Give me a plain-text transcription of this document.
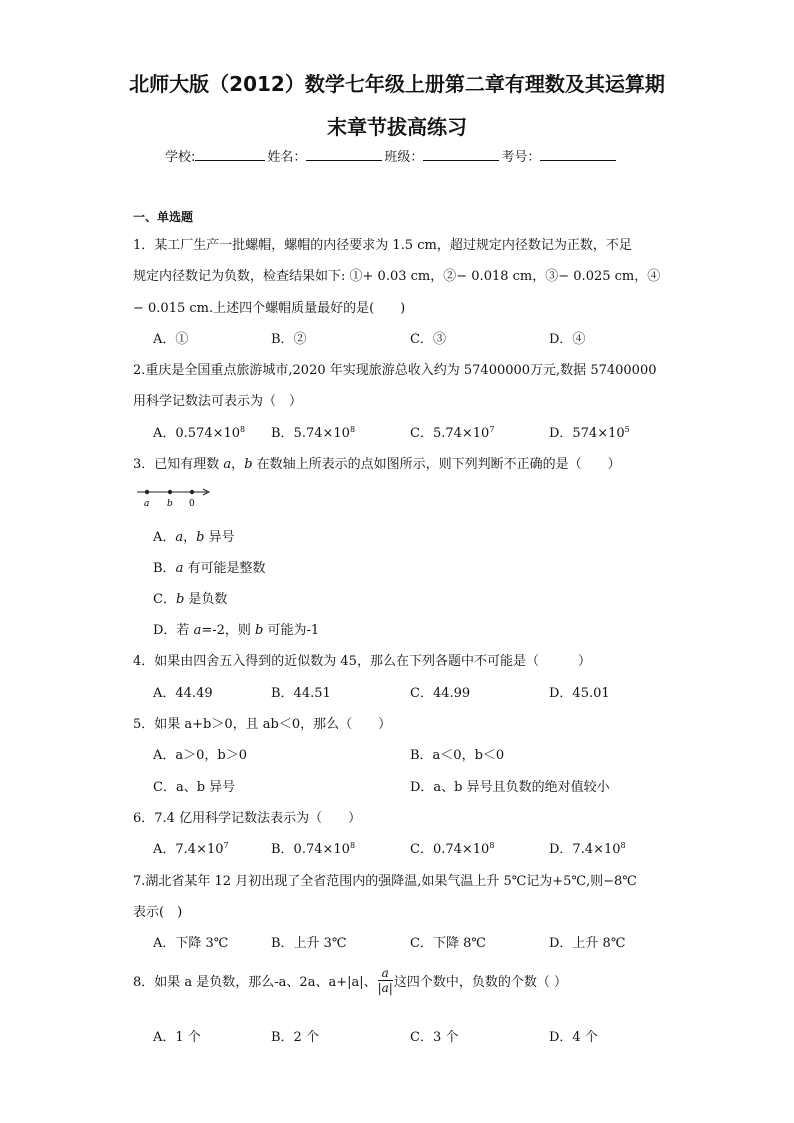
北师大版（2012）数学七年级上册第二章有理数及其运算期
末章节拔高练习
学校:	姓名：	班级：	考号：
一、单选题
1．某工厂生产一批螺帽，螺帽的内径要求为 1.5 cm，超过规定内径数记为正数，不足
规定内径数记为负数，检查结果如下: ①+ 0.03 cm，②− 0.018 cm，③− 0.025 cm，④
− 0.015 cm.上述四个螺帽质量最好的是(　　)
A．①	B．②	C．③	D．④
2.重庆是全国重点旅游城市,2020 年实现旅游总收入约为 57400000万元,数据 57400000
用科学记数法可表示为（　）
A．$0.574\times 10^8$ B．$5.74\times 10^8$	C．$5.74\times 10^7$	D．$574\times 10^5$
3．已知有理数 a，b 在数轴上所表示的点如图所示，则下列判断不正确的是（　　）
a b 0
A．a，b 异号
B．a 有可能是整数
C．b 是负数
D．若 a=-2，则 b 可能为-1
4．如果由四舍五入得到的近似数为 45，那么在下列各题中不可能是（　　　）
A．44.49	B．44.51	C．44.99	D．45.01
5．如果 a+b＞0，且 ab＜0，那么（　　）
A．a＞0，b＞0	B．a＜0，b＜0
C．a、b 异号	D．a、b 异号且负数的绝对值较小
6．7.4 亿用科学记数法表示为（　　）
A．$7.4\times 10^7$	B．$0.74\times 10^8$	C．$0.74\times 10^8$	D．$7.4\times 10^8$
7.湖北省某年 12 月初出现了全省范围内的强降温,如果气温上升 5℃记为+5℃,则−8℃
表示(　)
A．下降 3℃	B．上升 3℃	C．下降 8℃	D．上升 8℃
8．如果 a 是负数，那么-a、2a、a+|a|、 $\frac{a}{|a|}$ 这四个数中，负数的个数（ ）
A．1 个	B．2 个	C．3 个	D．4 个
